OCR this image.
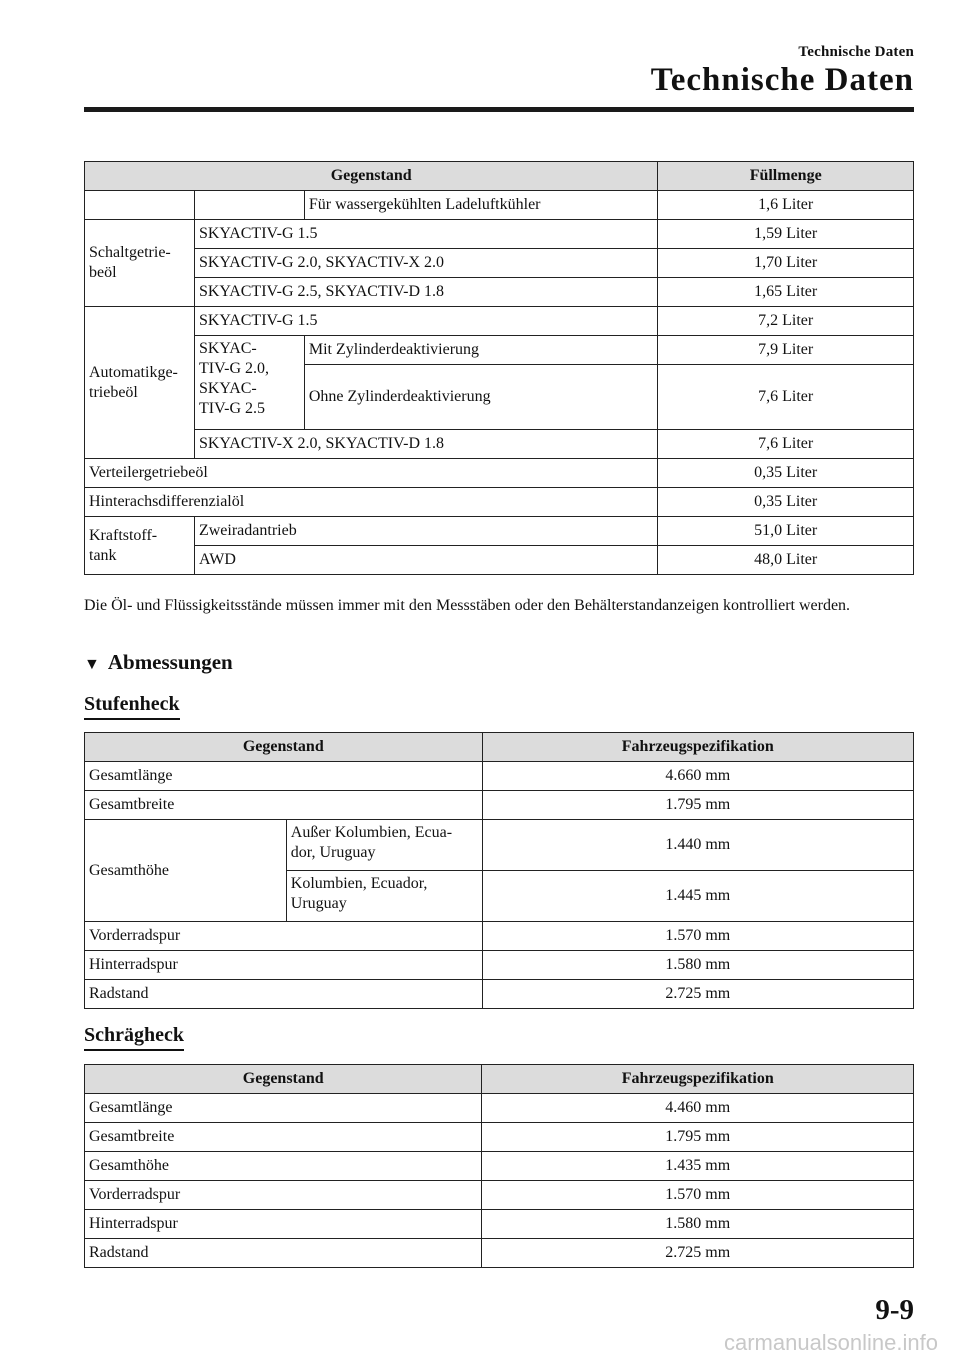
Technische Daten
Technische Daten
Gegenstand			Füllmenge
		Für wassergekühlten Ladeluftkühler	1,6 Liter
Schaltgetrie-
beöl	SKYACTIV-G 1.5		1,59 Liter
	SKYACTIV-G 2.0, SKYACTIV-X 2.0		1,70 Liter
	SKYACTIV-G 2.5, SKYACTIV-D 1.8		1,65 Liter
Automatikge-
triebeöl	SKYACTIV-G 1.5		7,2 Liter
	SKYAC-
TIV-G 2.0,
SKYAC-
TIV-G 2.5	Mit Zylinderdeaktivierung	7,9 Liter
		Ohne Zylinderdeaktivierung	7,6 Liter
	SKYACTIV-X 2.0, SKYACTIV-D 1.8		7,6 Liter
Verteilergetriebeöl			0,35 Liter
Hinterachsdifferenzialöl			0,35 Liter
Kraftstoff-
tank	Zweiradantrieb		51,0 Liter
	AWD		48,0 Liter
Die Öl- und Flüssigkeitsstände müssen immer mit den Messstäben oder den Behälterstandanzeigen kontrolliert werden.
▼ Abmessungen
Stufenheck
Gegenstand		Fahrzeugspezifikation
Gesamtlänge		4.660 mm
Gesamtbreite		1.795 mm
Gesamthöhe	Außer Kolumbien, Ecua-
dor, Uruguay	1.440 mm
	Kolumbien, Ecuador,
Uruguay	1.445 mm
Vorderradspur		1.570 mm
Hinterradspur		1.580 mm
Radstand		2.725 mm
Schrägheck
Gegenstand	Fahrzeugspezifikation
Gesamtlänge	4.460 mm
Gesamtbreite	1.795 mm
Gesamthöhe	1.435 mm
Vorderradspur	1.570 mm
Hinterradspur	1.580 mm
Radstand	2.725 mm
9-9
carmanualsonline.info
